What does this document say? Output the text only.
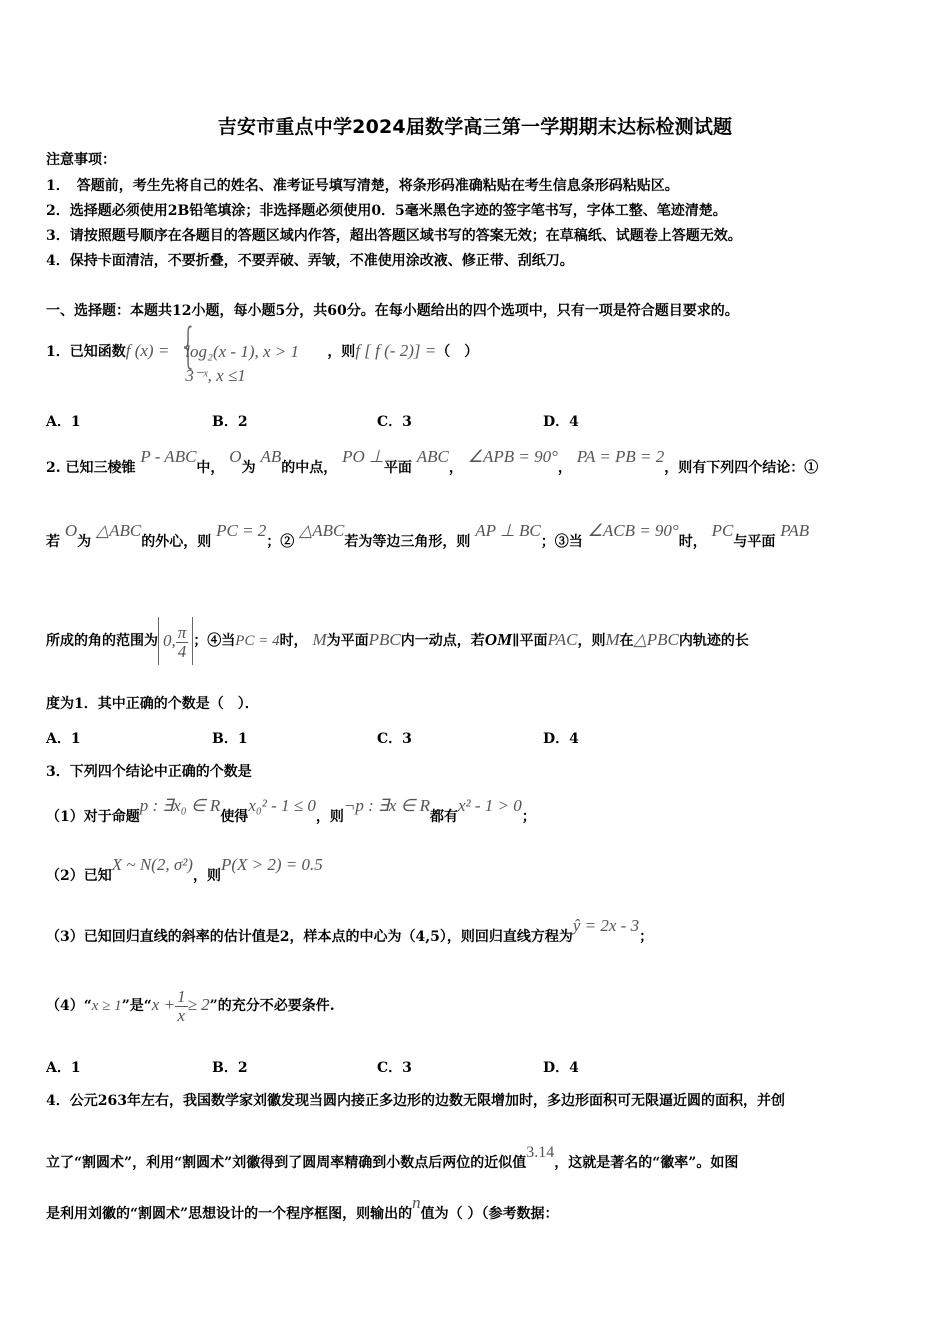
吉安市重点中学2024届数学高三第一学期期末达标检测试题
注意事项：
1．　答题前，考生先将自己的姓名、准考证号填写清楚，将条形码准确粘贴在考生信息条形码粘贴区。
2．选择题必须使用2B铅笔填涂；非选择题必须使用0．5毫米黑色字迹的签字笔书写，字体工整、笔迹清楚。
3．请按照题号顺序在各题目的答题区域内作答，超出答题区域书写的答案无效；在草稿纸、试题卷上答题无效。
4．保持卡面清洁，不要折叠，不要弄破、弄皱，不准使用涂改液、修正带、刮纸刀。
一、选择题：本题共12小题，每小题5分，共60分。在每小题给出的四个选项中，只有一项是符合题目要求的。
1．已知函数f (x) = {
log₂(x - 1), x > 1
3⁻ˣ, x ≤1
，则f [ f (- 2)] =（　）
A．1	B．2	C．3	D．4
2. 已知三棱锥 P - ABC中， O为 AB的中点， PO ⊥平面 ABC， ∠APB = 90°， PA = PB = 2，则有下列四个结论：①
若 O为 △ABC的外心，则 PC = 2；② △ABC若为等边三角形，则 AP ⊥ BC；③当 ∠ACB = 90°时， PC与平面 PAB
所成的角的范围为 0, $\frac{\pi}{4}$ ；④当PC = 4时， M为平面PBC内一动点，若OM∥平面PAC，则M在△PBC内轨迹的长
度为1．其中正确的个数是（　）．
A．1	B．1	C．3	D．4
3．下列四个结论中正确的个数是
（1）对于命题p : ∃x₀ ∈ R使得x₀² - 1 ≤ 0，则¬p : ∃x ∈ R都有x² - 1 > 0；
（2）已知X ~ N(2, σ²)，则P(X > 2) = 0.5
（3）已知回归直线的斜率的估计值是2，样本点的中心为（4,5），则回归直线方程为ŷ = 2x - 3；
（4）“x ≥ 1”是“$x + \frac{1}{x} \ge 2$”的充分不必要条件.
A．1	B．2	C．3	D．4
4．公元263年左右，我国数学家刘徽发现当圆内接正多边形的边数无限增加时，多边形面积可无限逼近圆的面积，并创
立了“割圆术”，利用“割圆术”刘徽得到了圆周率精确到小数点后两位的近似值3.14，这就是著名的“徽率”。如图
是利用刘徽的“割圆术”思想设计的一个程序框图，则输出的n值为（ ）（参考数据：
